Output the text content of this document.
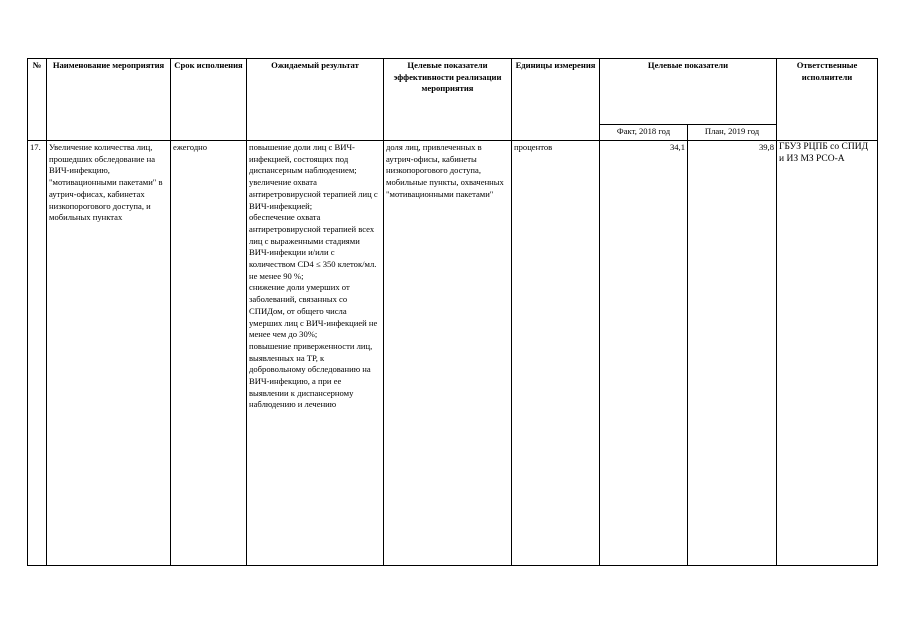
№	Наименование мероприятия	Срок исполнения	Ожидаемый результат	Целевые показатели эффективности реализации мероприятия	Единицы измерения	Целевые показатели		Ответственные исполнители
						Факт, 2018 год	План, 2019 год	
17.	Увеличение количества лиц, прошедших обследование на ВИЧ-инфекцию, "мотивационными пакетами" в аутрич-офисах, кабинетах низкопорогового доступа, и мобильных пунктах	ежегодно	повышение доли лиц с ВИЧ-инфекцией, состоящих под диспансерным наблюдением;
увеличение охвата антиретровирусной терапией лиц с ВИЧ-инфекцией;
обеспечение охвата антиретровирусной терапией всех лиц с выраженными стадиями ВИЧ-инфекции и/или с количеством CD4 ≤ 350 клеток/мл. не менее 90 %;
снижение доли умерших от заболеваний, связанных со СПИДом, от общего числа умерших лиц с ВИЧ-инфекцией не менее чем до 30%;
повышение приверженности лиц, выявленных на ТР, к добровольному обследованию на ВИЧ-инфекцию, а при ее выявлении к диспансерному наблюдению и лечению	доля лиц, привлеченных в аутрич-офисы, кабинеты низкопорогового доступа, мобильные пункты, охваченных "мотивационными пакетами"	процентов	34,1	39,8	ГБУЗ РЦПБ со СПИД и ИЗ МЗ РСО-А
